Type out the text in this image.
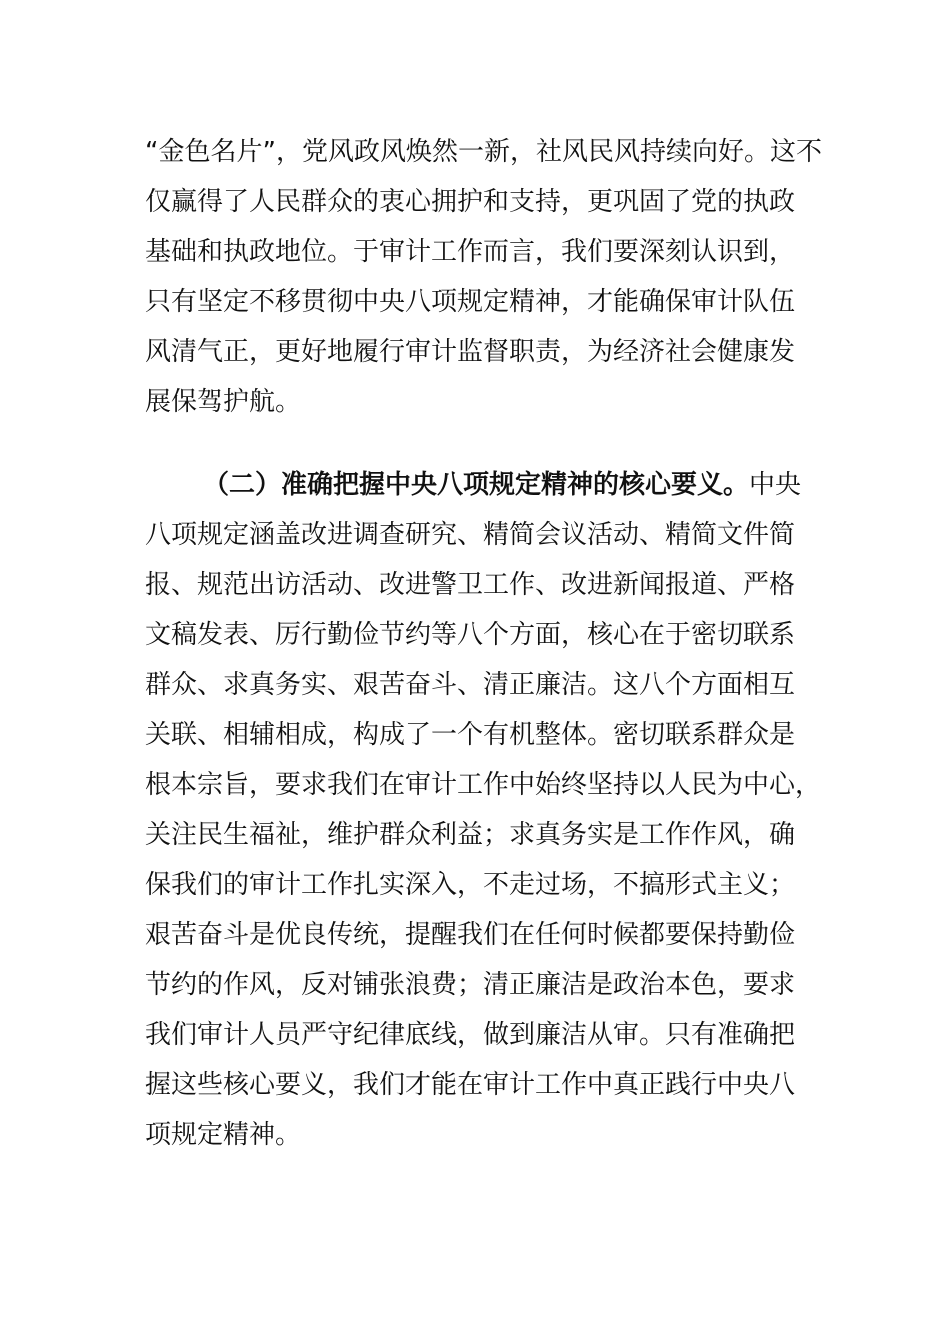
“金色名片”，党风政风焕然一新，社风民风持续向好。这不
仅赢得了人民群众的衷心拥护和支持，更巩固了党的执政
基础和执政地位。于审计工作而言，我们要深刻认识到，
只有坚定不移贯彻中央八项规定精神，才能确保审计队伍
风清气正，更好地履行审计监督职责，为经济社会健康发
展保驾护航。
（二）准确把握中央八项规定精神的核心要义。中央
八项规定涵盖改进调查研究、精简会议活动、精简文件简
报、规范出访活动、改进警卫工作、改进新闻报道、严格
文稿发表、厉行勤俭节约等八个方面，核心在于密切联系
群众、求真务实、艰苦奋斗、清正廉洁。这八个方面相互
关联、相辅相成，构成了一个有机整体。密切联系群众是
根本宗旨，要求我们在审计工作中始终坚持以人民为中心，
关注民生福祉，维护群众利益；求真务实是工作作风，确
保我们的审计工作扎实深入，不走过场，不搞形式主义；
艰苦奋斗是优良传统，提醒我们在任何时候都要保持勤俭
节约的作风，反对铺张浪费；清正廉洁是政治本色，要求
我们审计人员严守纪律底线，做到廉洁从审。只有准确把
握这些核心要义，我们才能在审计工作中真正践行中央八
项规定精神。
